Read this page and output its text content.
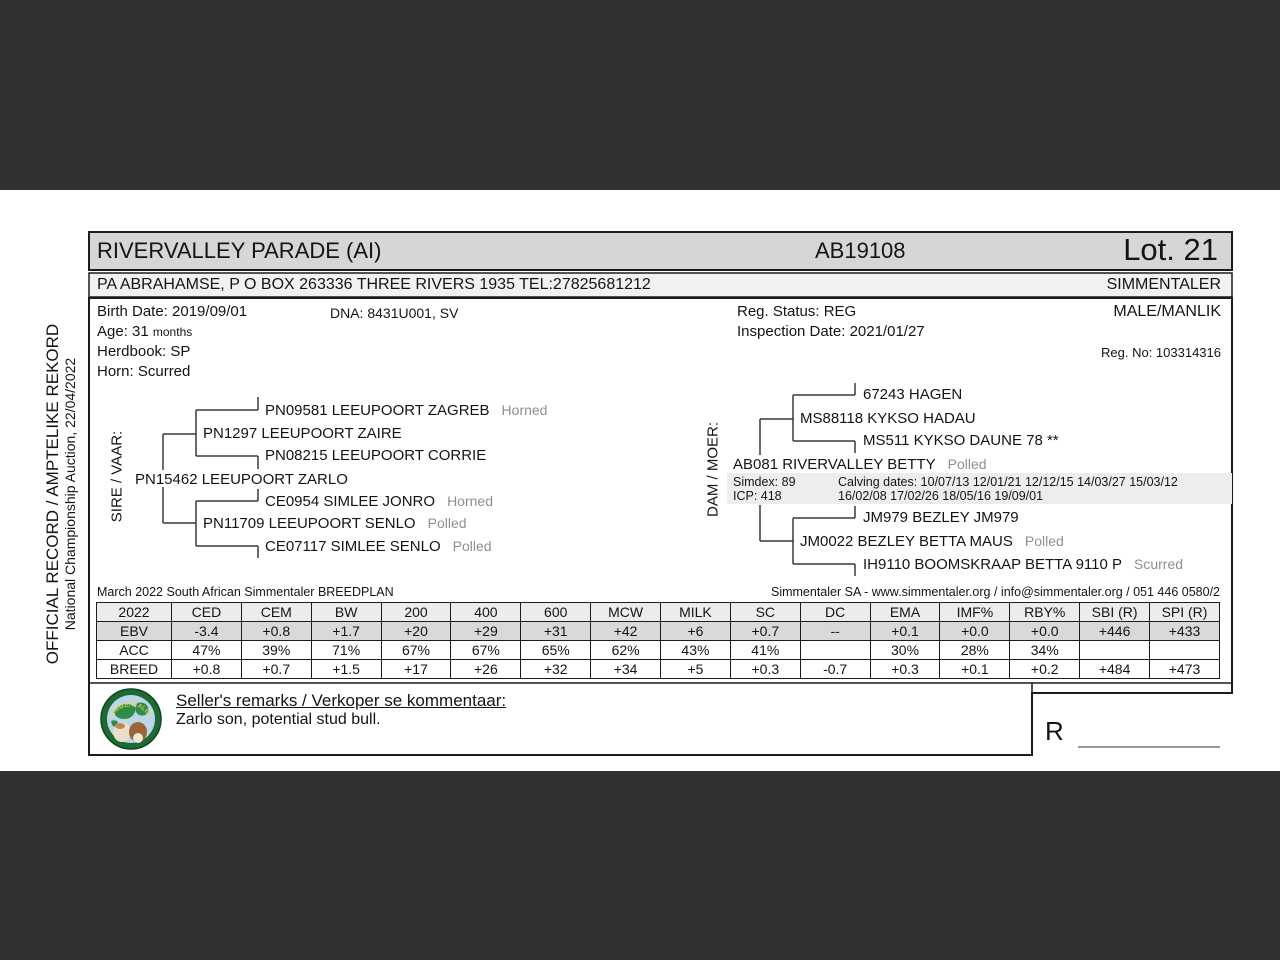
RIVERVALLEY PARADE (AI)	AB19108	Lot. 21
PA ABRAHAMSE, P O BOX 263336 THREE RIVERS 1935 TEL:27825681212	SIMMENTALER
OFFICIAL RECORD / AMPTELIKE REKORD National Championship Auction, 22/04/2022
Birth Date: 2019/09/01	DNA: 8431U001, SV
Age: 31 months
Herdbook: SP
Horn: Scurred
Reg. Status: REG
Inspection Date: 2021/01/27
MALE/MANLIK
Reg. No: 103314316
SIRE / VAAR:	DAM / MOER:
PN09581 LEEUPOORT ZAGREB Horned
PN1297 LEEUPOORT ZAIRE
PN08215 LEEUPOORT CORRIE
PN15462 LEEUPOORT ZARLO
CE0954 SIMLEE JONRO Horned
PN11709 LEEUPOORT SENLO Polled
CE07117 SIMLEE SENLO Polled
67243 HAGEN
MS88118 KYKSO HADAU
MS511 KYKSO DAUNE 78 **
AB081 RIVERVALLEY BETTY Polled
JM979 BEZLEY JM979
JM0022 BEZLEY BETTA MAUS Polled
IH9110 BOOMSKRAAP BETTA 9110 P Scurred
Simdex: 89
ICP: 418
Calving dates: 10/07/13 12/01/21 12/12/15 14/03/27 15/03/12
16/02/08 17/02/26 18/05/16 19/09/01
March 2022 South African Simmentaler BREEDPLAN	Simmentaler SA - www.simmentaler.org / info@simmentaler.org / 051 446 0580/2
2022	CED	CEM	BW	200	400	600	MCW	MILK	SC	DC	EMA	IMF%	RBY%	SBI (R)	SPI (R)
EBV	-3.4	+0.8	+1.7	+20	+29	+31	+42	+6	+0.7	--	+0.1	+0.0	+0.0	+446	+433
ACC	47%	39%	71%	67%	67%	65%	62%	43%	41%		30%	28%	34%		
BREED	+0.8	+0.7	+1.5	+17	+26	+32	+34	+5	+0.3	-0.7	+0.3	+0.1	+0.2	+484	+473
SIMMENTALER
Seller's remarks / Verkoper se kommentaar:
Zarlo son, potential stud bull.	R
